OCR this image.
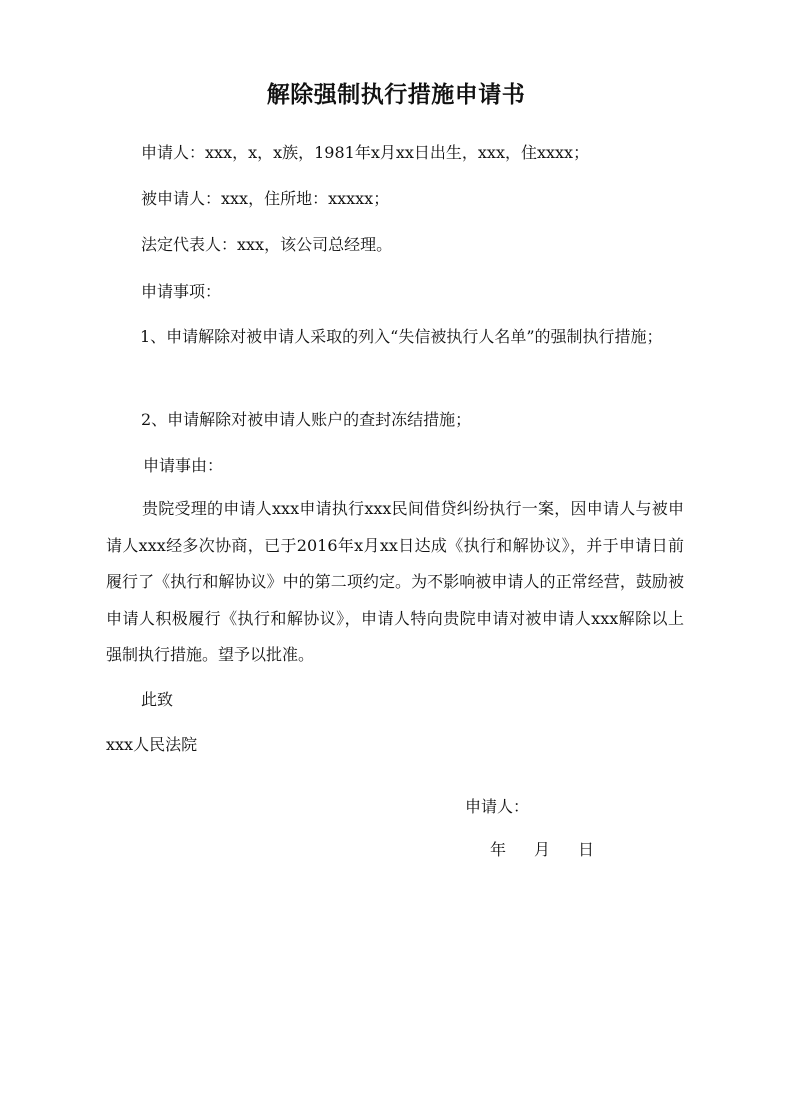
解除强制执行措施申请书
申请人：xxx，x，x族，1981年x月xx日出生，xxx，住xxxx；
被申请人：xxx，住所地：xxxxx；
法定代表人：xxx，该公司总经理。
申请事项：
1、申请解除对被申请人采取的列入“失信被执行人名单”的强制执行措施；
2、申请解除对被申请人账户的查封冻结措施；
申请事由：
贵院受理的申请人xxx申请执行xxx民间借贷纠纷执行一案，因申请人与被申请人xxx经多次协商，已于2016年x月xx日达成《执行和解协议》，并于申请日前履行了《执行和解协议》中的第二项约定。为不影响被申请人的正常经营，鼓励被申请人积极履行《执行和解协议》，申请人特向贵院申请对被申请人xxx解除以上强制执行措施。望予以批准。
此致
xxx人民法院
申请人：
年 月 日
